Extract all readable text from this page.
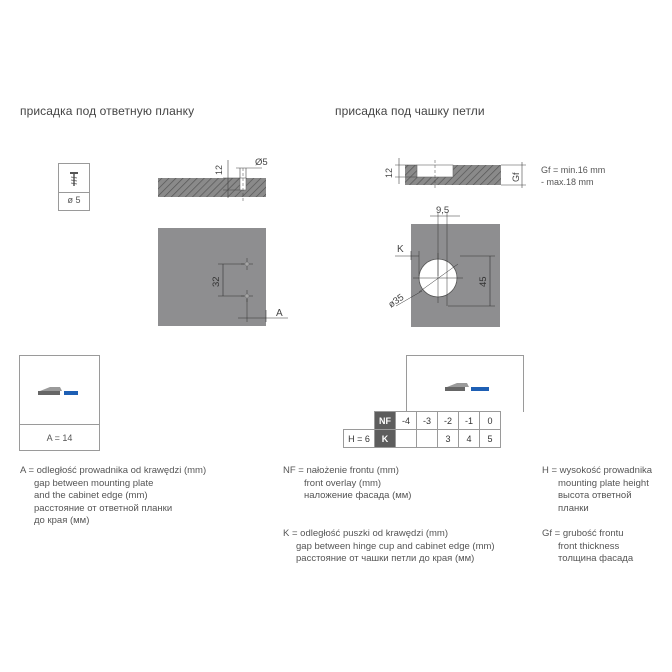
присадка под ответную планку	присадка под чашку петли
ø 5
12
Ø5
32
A
12	Gf
Gf = min.16 mm
- max.18 mm
9,5
K
45
ø35
A = 14
	NF	-4	-3	-2	-1	0
H = 6	K			3	4	5
A = odległość prowadnika od krawędzi (mm)
gap between mounting plate
and the cabinet edge (mm)
расстояние от ответной планки
до края (мм)
NF = nałożenie frontu (mm)
front overlay (mm)
наложение фасада (мм)
K = odległość puszki od krawędzi (mm)
gap between hinge cup and cabinet edge (mm)
расстояние от чашки петли до края (мм)
H = wysokość prowadnika
mounting plate height
высота ответной
планки
Gf = grubość frontu
front thickness
толщина фасада
